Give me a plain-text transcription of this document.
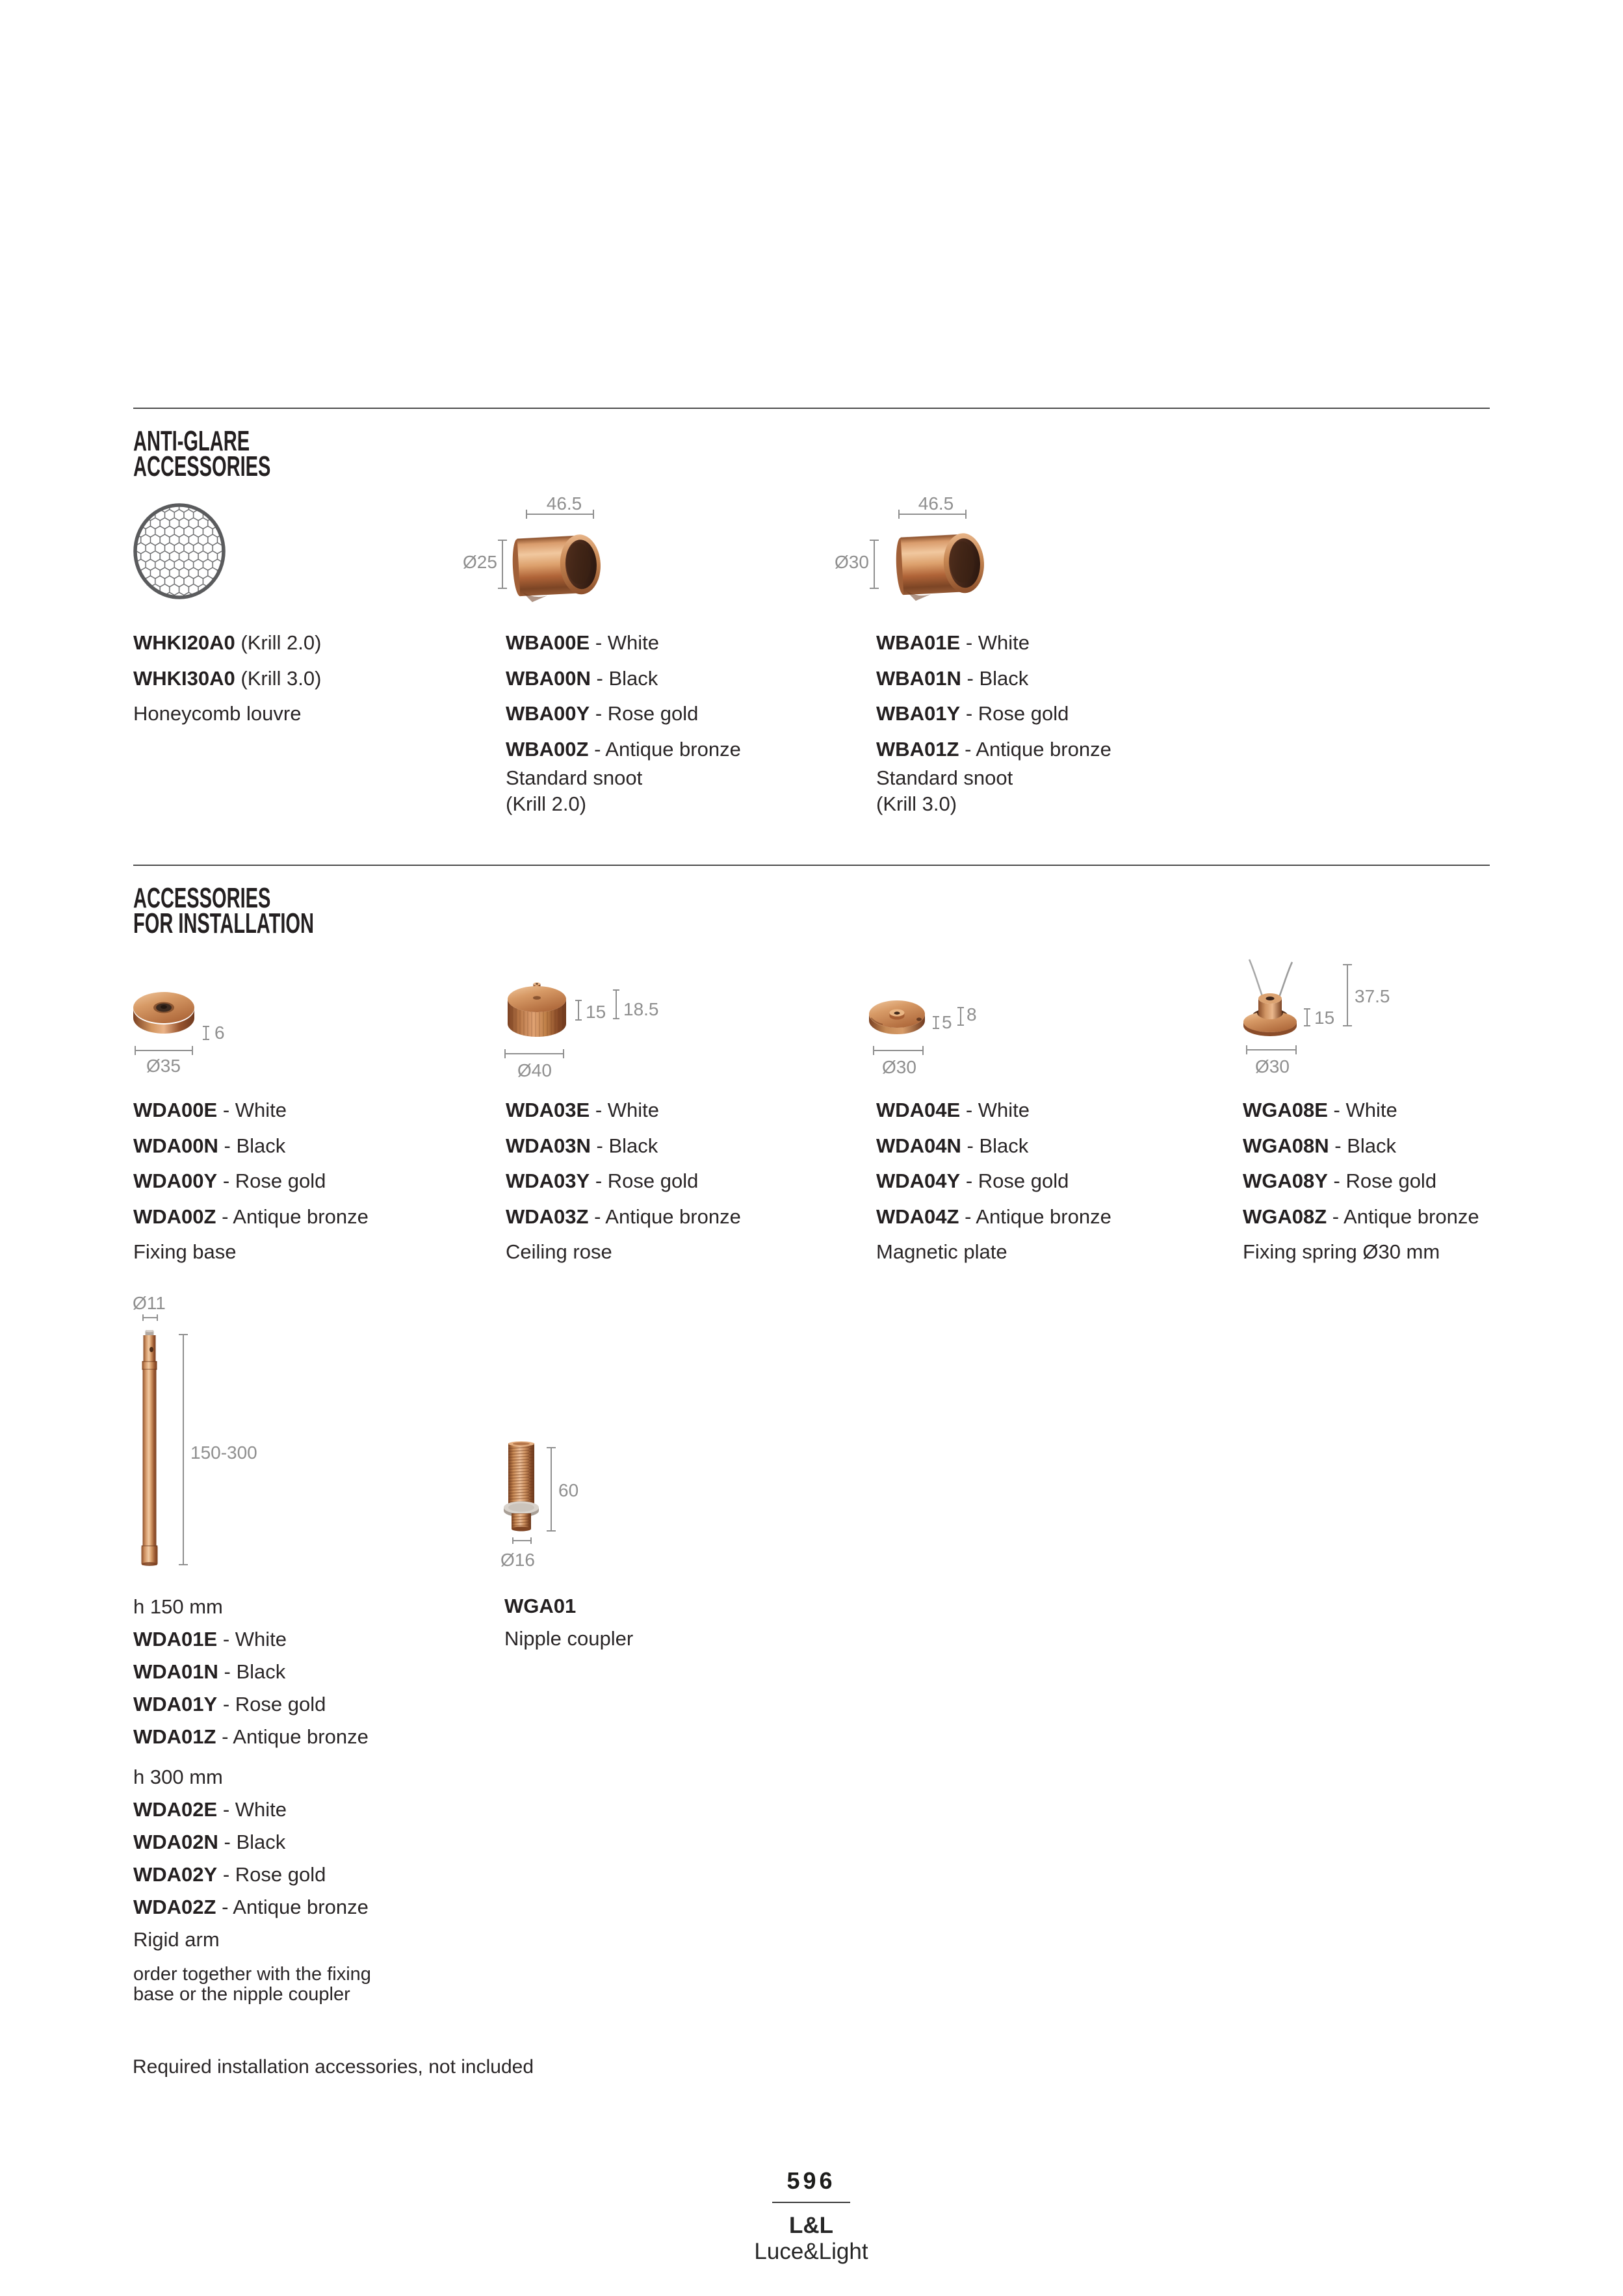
ANTI-GLARE
ACCESSORIES
46.5
Ø25
46.5
Ø30
WHKI20A0 (Krill 2.0)
WHKI30A0 (Krill 3.0)
Honeycomb louvre
WBA00E - White
WBA00N - Black
WBA00Y - Rose gold
WBA00Z - Antique bronze
Standard snoot
(Krill 2.0)
WBA01E - White
WBA01N - Black
WBA01Y - Rose gold
WBA01Z - Antique bronze
Standard snoot
(Krill 3.0)
ACCESSORIES
FOR INSTALLATION
6
Ø35
15 18.5
Ø40
5 8
Ø30
15
37.5
Ø30
WDA00E - White
WDA00N - Black
WDA00Y - Rose gold
WDA00Z - Antique bronze
Fixing base
WDA03E - White
WDA03N - Black
WDA03Y - Rose gold
WDA03Z - Antique bronze
Ceiling rose
WDA04E - White
WDA04N - Black
WDA04Y - Rose gold
WDA04Z - Antique bronze
Magnetic plate
WGA08E - White
WGA08N - Black
WGA08Y - Rose gold
WGA08Z - Antique bronze
Fixing spring Ø30 mm
Ø11
150-300
60
Ø16
WGA01
Nipple coupler
h 150 mm
WDA01E - White
WDA01N - Black
WDA01Y - Rose gold
WDA01Z - Antique bronze
h 300 mm
WDA02E - White
WDA02N - Black
WDA02Y - Rose gold
WDA02Z - Antique bronze
Rigid arm
order together with the fixing
base or the nipple coupler
Required installation accessories, not included
596
L&L Luce&Light
